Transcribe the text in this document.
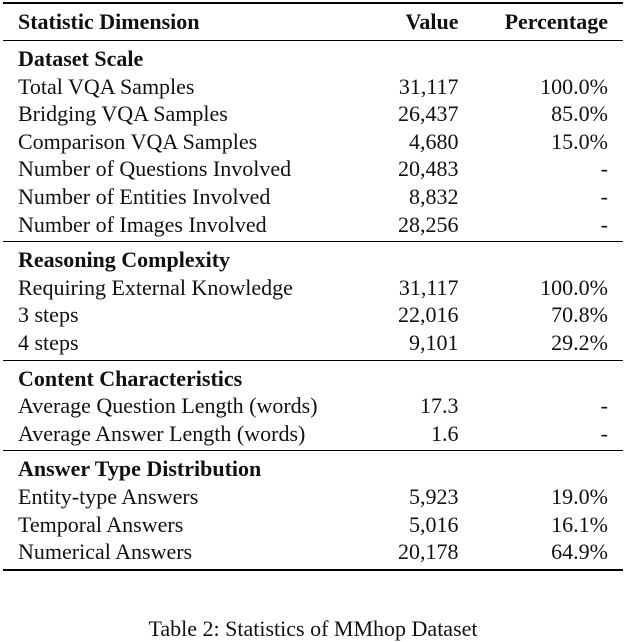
Statistic Dimension	Value	Percentage
Dataset Scale		
Total VQA Samples	31,117	100.0%
Bridging VQA Samples	26,437	85.0%
Comparison VQA Samples	4,680	15.0%
Number of Questions Involved	20,483	-
Number of Entities Involved	8,832	-
Number of Images Involved	28,256	-
Reasoning Complexity		
Requiring External Knowledge	31,117	100.0%
3 steps	22,016	70.8%
4 steps	9,101	29.2%
Content Characteristics		
Average Question Length (words)	17.3	-
Average Answer Length (words)	1.6	-
Answer Type Distribution		
Entity-type Answers	5,923	19.0%
Temporal Answers	5,016	16.1%
Numerical Answers	20,178	64.9%
Table 2: Statistics of MMhop Dataset
